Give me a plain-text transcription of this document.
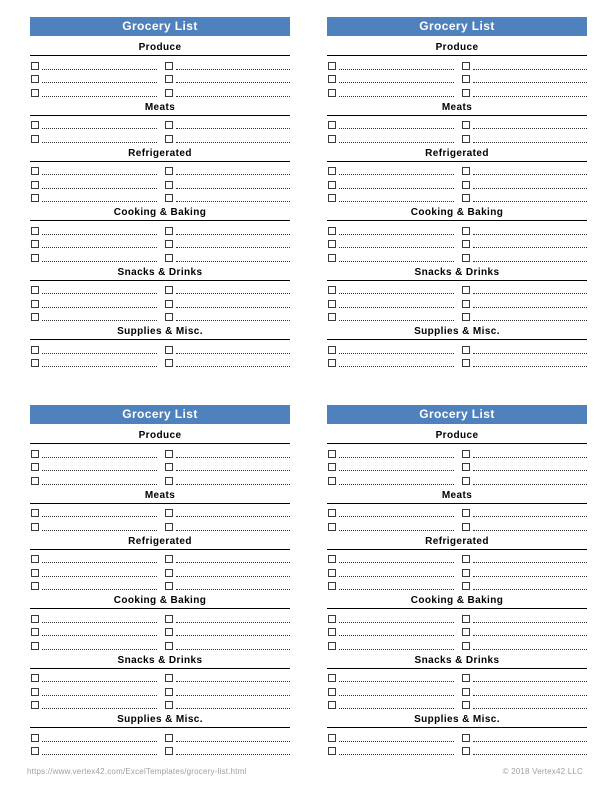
Grocery List
Produce
Meats
Refrigerated
Cooking & Baking
Snacks & Drinks
Supplies & Misc.
Grocery List
Produce
Meats
Refrigerated
Cooking & Baking
Snacks & Drinks
Supplies & Misc.
Grocery List
Produce
Meats
Refrigerated
Cooking & Baking
Snacks & Drinks
Supplies & Misc.
Grocery List
Produce
Meats
Refrigerated
Cooking & Baking
Snacks & Drinks
Supplies & Misc.
https://www.vertex42.com/ExcelTemplates/grocery-list.html	© 2018 Vertex42 LLC
